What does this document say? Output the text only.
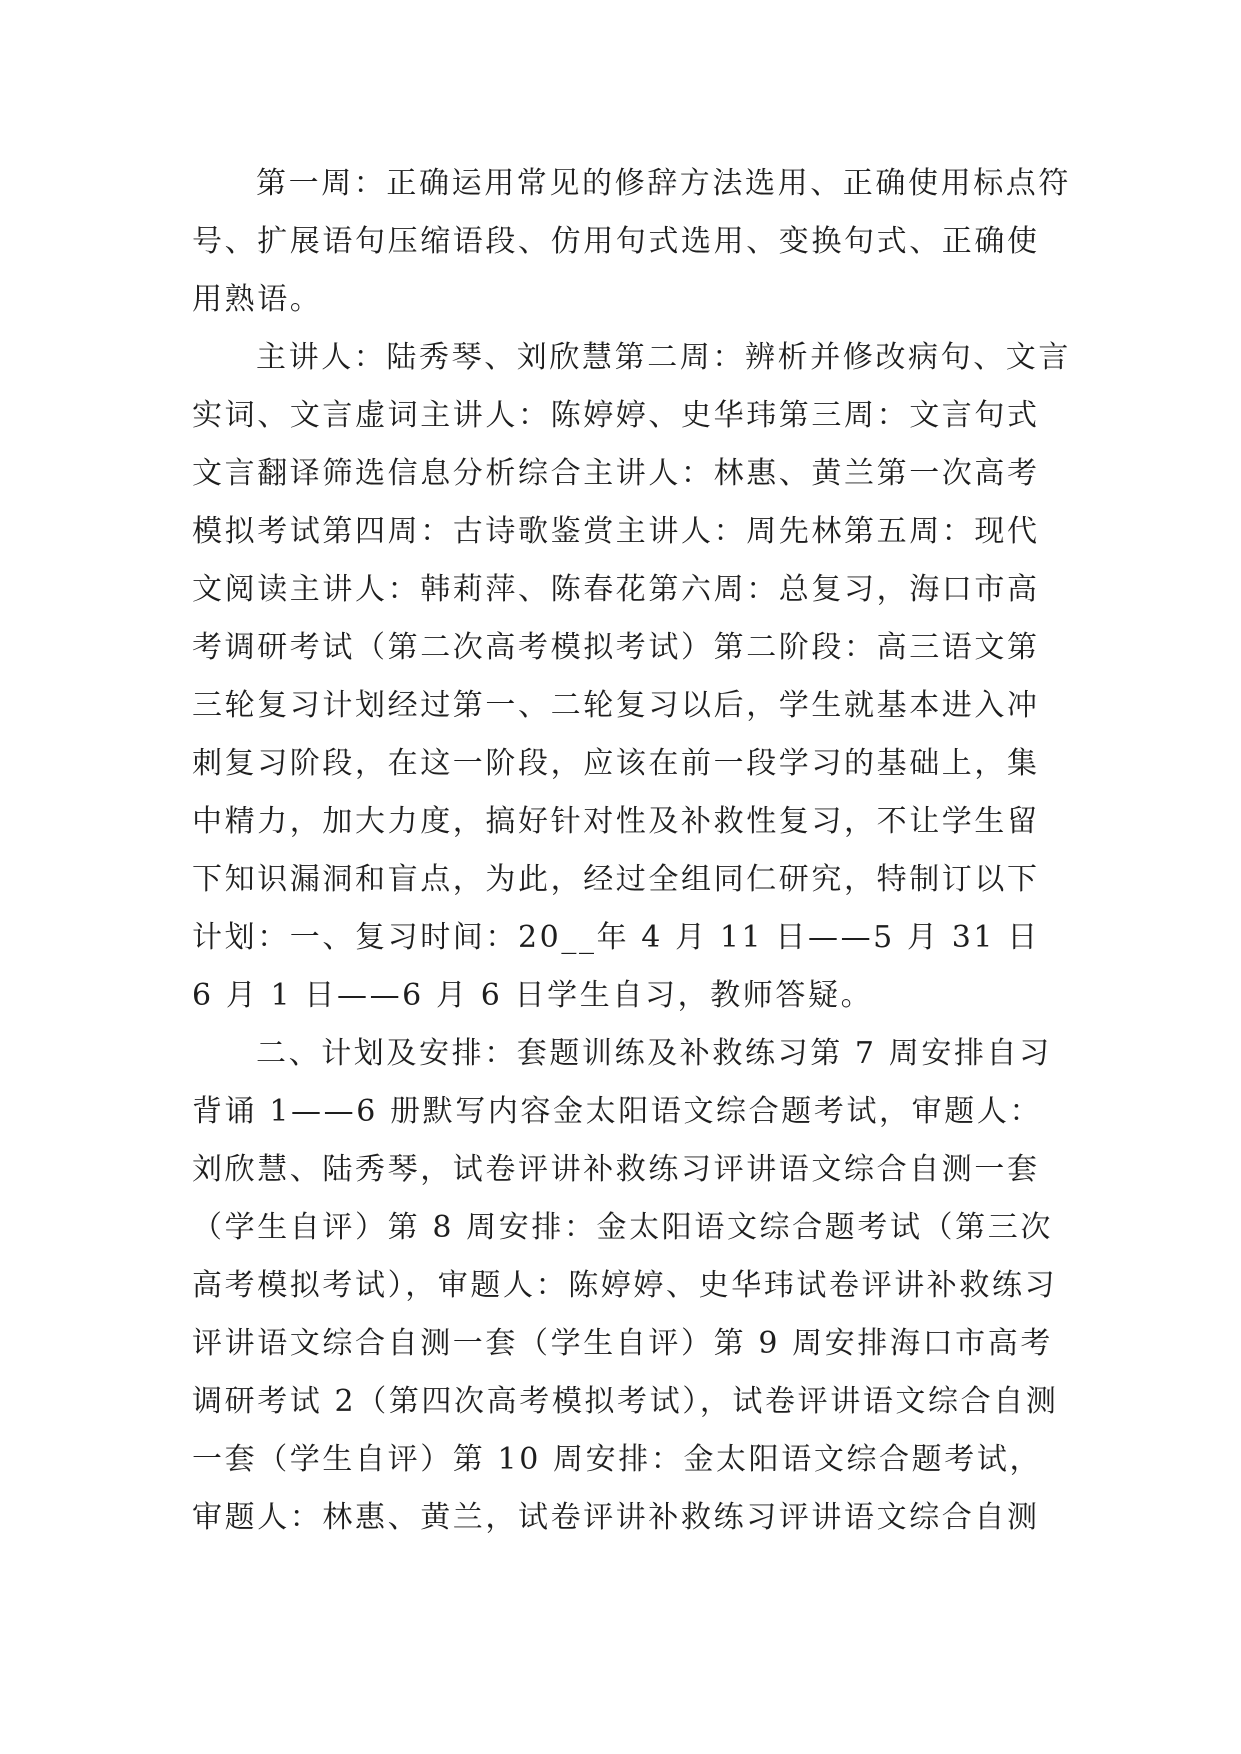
第一周：正确运用常见的修辞方法选用、正确使用标点符号、扩展语句压缩语段、仿用句式选用、变换句式、正确使用熟语。

主讲人：陆秀琴、刘欣慧第二周：辨析并修改病句、文言实词、文言虚词主讲人：陈婷婷、史华玮第三周：文言句式文言翻译筛选信息分析综合主讲人：林惠、黄兰第一次高考模拟考试第四周：古诗歌鉴赏主讲人：周先林第五周：现代文阅读主讲人：韩莉萍、陈春花第六周：总复习，海口市高考调研考试（第二次高考模拟考试）第二阶段：高三语文第三轮复习计划经过第一、二轮复习以后，学生就基本进入冲刺复习阶段，在这一阶段，应该在前一段学习的基础上，集中精力，加大力度，搞好针对性及补救性复习，不让学生留下知识漏洞和盲点，为此，经过全组同仁研究，特制订以下计划：一、复习时间：20__年 4 月 11 日——5 月 31 日 6 月 1 日——6 月 6 日学生自习，教师答疑。

二、计划及安排：套题训练及补救练习第 7 周安排自习背诵 1——6 册默写内容金太阳语文综合题考试，审题人：刘欣慧、陆秀琴，试卷评讲补救练习评讲语文综合自测一套（学生自评）第 8 周安排：金太阳语文综合题考试（第三次高考模拟考试），审题人：陈婷婷、史华玮试卷评讲补救练习评讲语文综合自测一套（学生自评）第 9 周安排海口市高考调研考试 2（第四次高考模拟考试），试卷评讲语文综合自测一套（学生自评）第 10 周安排：金太阳语文综合题考试，审题人：林惠、黄兰，试卷评讲补救练习评讲语文综合自测
